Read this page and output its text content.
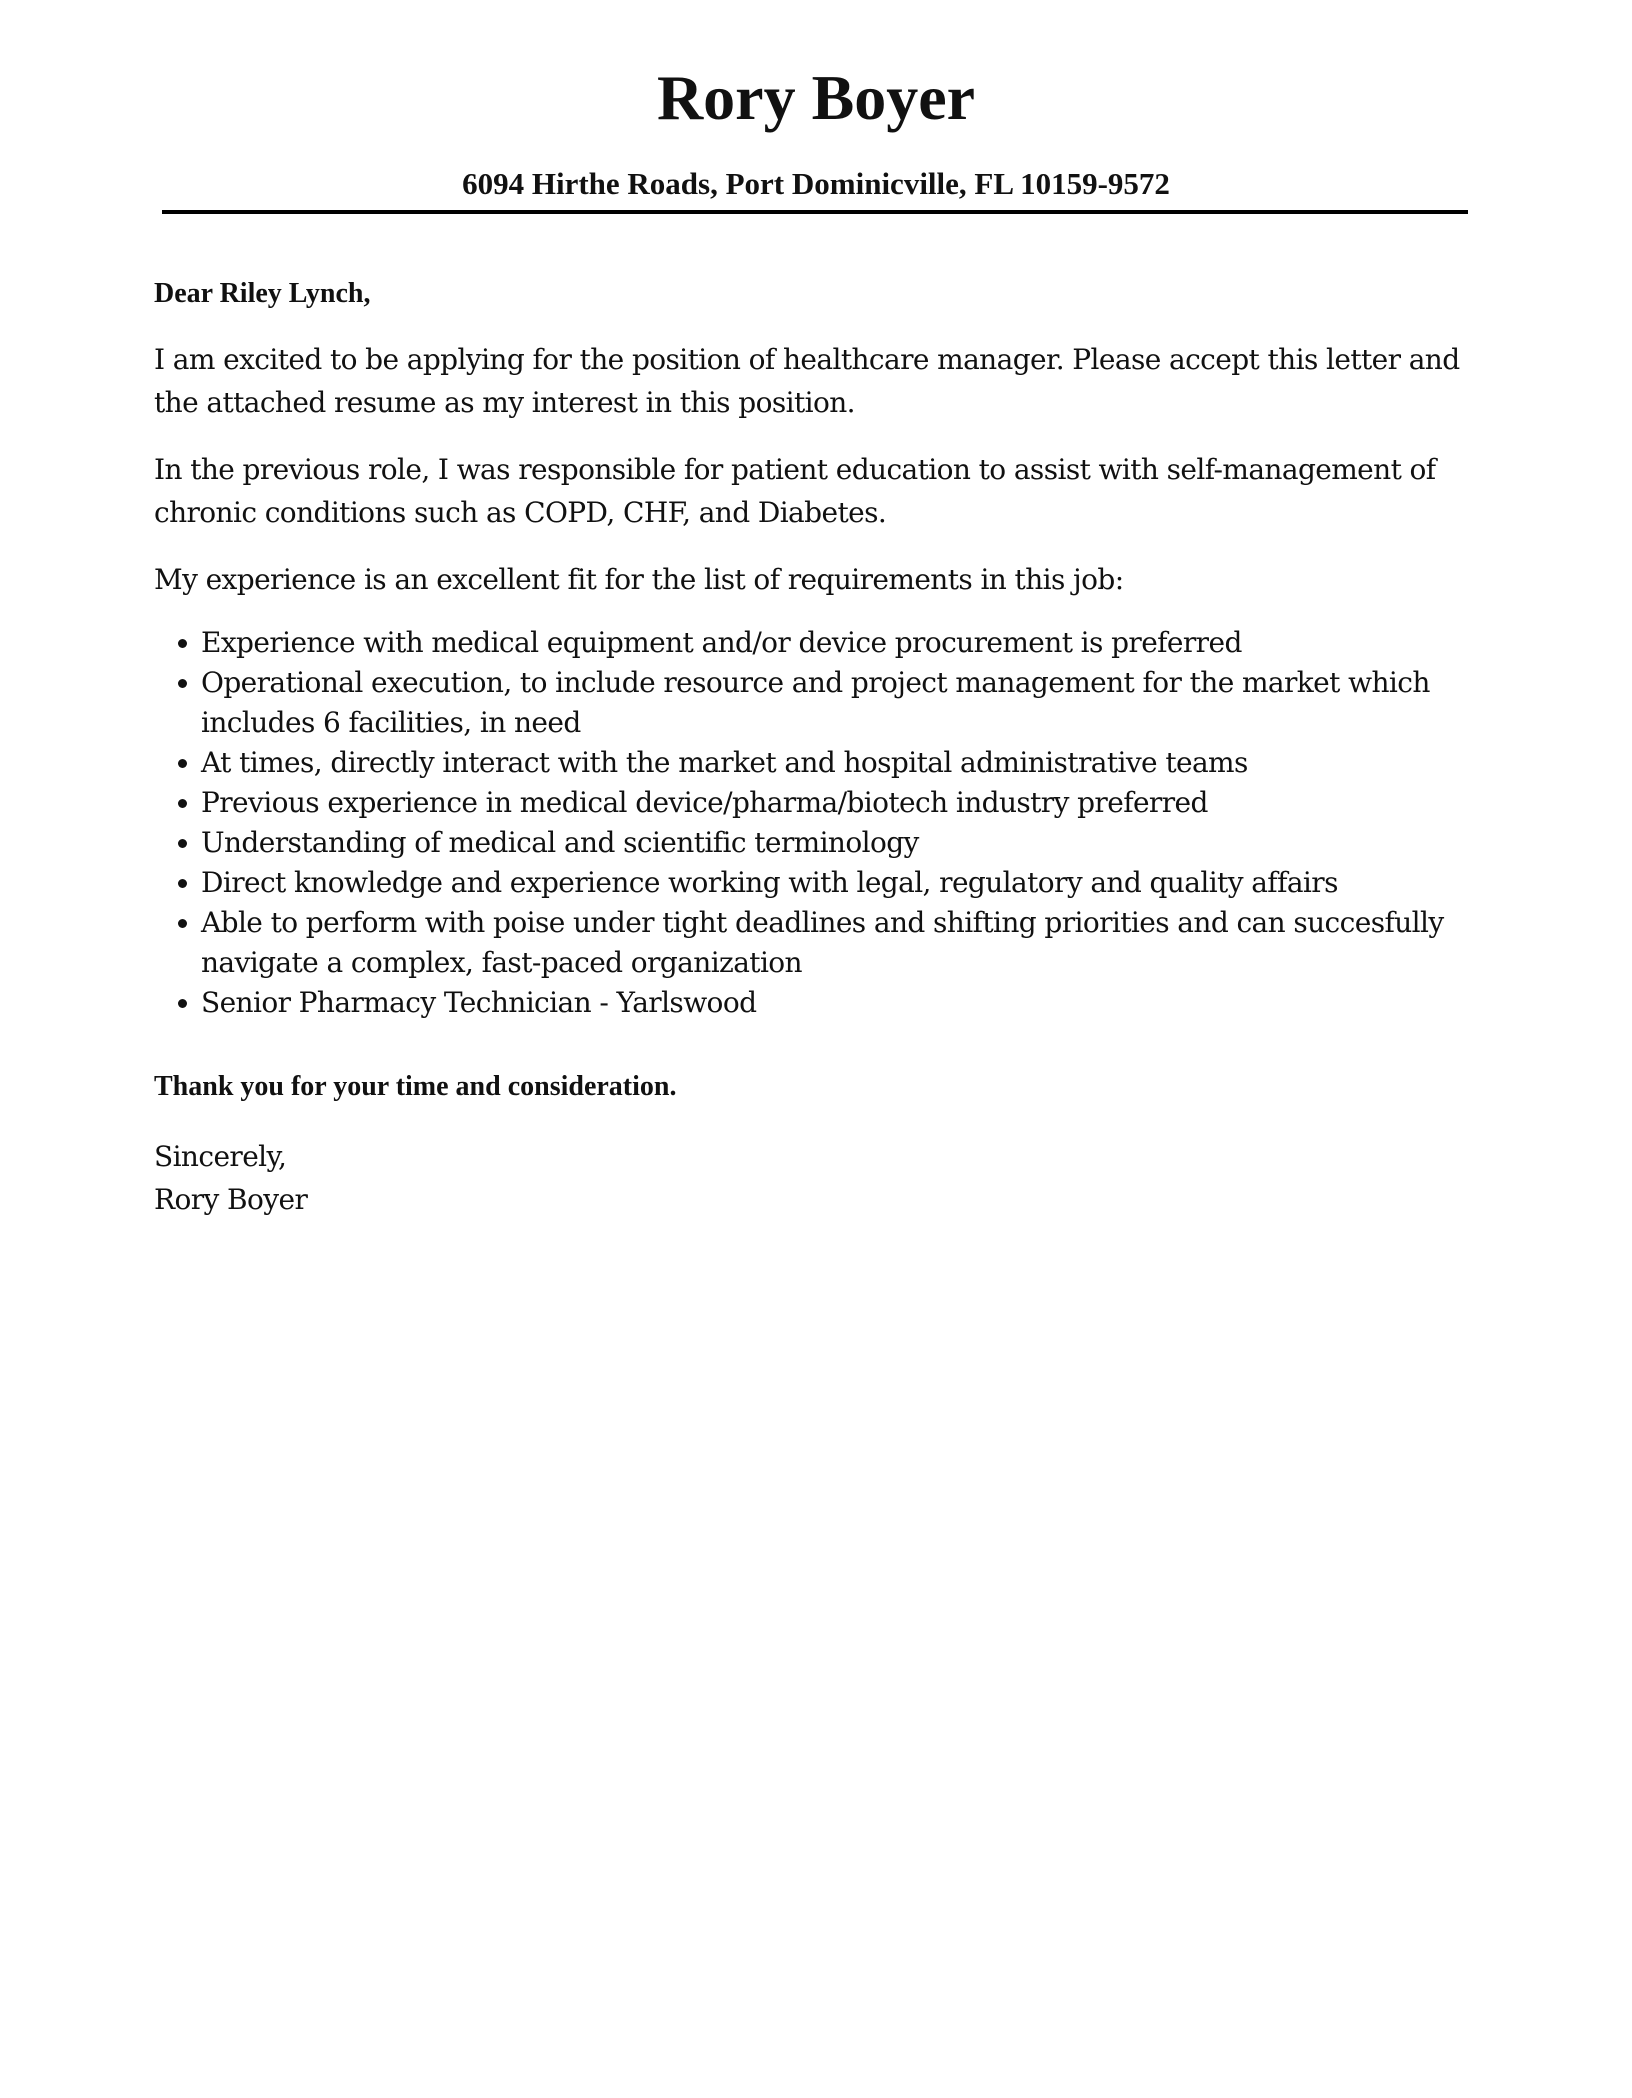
Rory Boyer
6094 Hirthe Roads, Port Dominicville, FL 10159-9572

Dear Riley Lynch,

I am excited to be applying for the position of healthcare manager. Please accept this letter and the attached resume as my interest in this position.

In the previous role, I was responsible for patient education to assist with self-management of chronic conditions such as COPD, CHF, and Diabetes.

My experience is an excellent fit for the list of requirements in this job:

Experience with medical equipment and/or device procurement is preferred
Operational execution, to include resource and project management for the market which includes 6 facilities, in need
At times, directly interact with the market and hospital administrative teams
Previous experience in medical device/pharma/biotech industry preferred
Understanding of medical and scientific terminology
Direct knowledge and experience working with legal, regulatory and quality affairs
Able to perform with poise under tight deadlines and shifting priorities and can succesfully navigate a complex, fast-paced organization
Senior Pharmacy Technician - Yarlswood

Thank you for your time and consideration.

Sincerely,

Rory Boyer
